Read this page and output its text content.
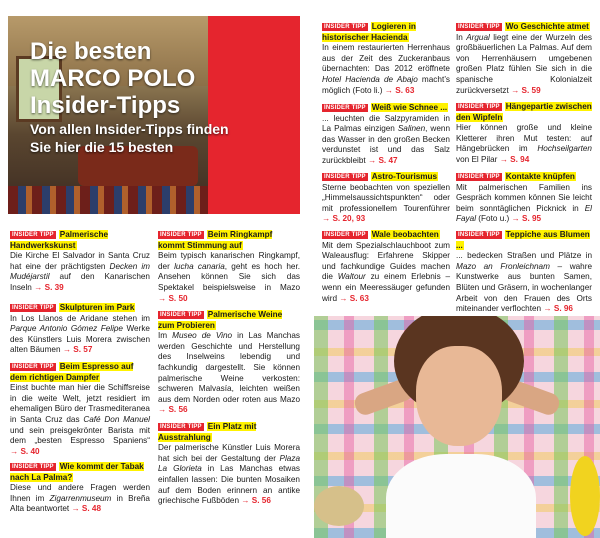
Die besten
MARCO POLO
Insider-Tipps

Von allen Insider-Tipps finden
Sie hier die 15 besten

INSIDER TIPP Palmerische Handwerkskunst
Die Kirche El Salvador in Santa Cruz hat eine der prächtigsten Decken im Mudéjarstil auf den Kanarischen Inseln → S. 39
INSIDER TIPP Skulpturen im Park
In Los Llanos de Aridane stehen im Parque Antonio Gómez Felipe Werke des Künstlers Luis Morera zwischen alten Bäumen → S. 57
INSIDER TIPP Beim Espresso auf dem richtigen Dampfer
Einst buchte man hier die Schiffsreise in die weite Welt, jetzt residiert im ehemaligen Büro der Trasmediteranea in Santa Cruz das Café Don Manuel und sein preisgekrönter Barista mit dem „besten Espresso Spaniens“ → S. 40
INSIDER TIPP Wie kommt der Tabak nach La Palma?
Diese und andere Fragen werden Ihnen im Zigarrenmuseum in Breña Alta beantwortet → S. 48
INSIDER TIPP Beim Ringkampf kommt Stimmung auf
Beim typisch kanarischen Ringkampf, der lucha canaria, geht es hoch her. Ansehen können Sie sich das Spektakel beispielsweise in Mazo → S. 50
INSIDER TIPP Palmerische Weine zum Probieren
Im Museo de Vino in Las Manchas werden Geschichte und Herstellung des Inselweins lebendig und fachkundig dargestellt. Sie können palmerische Weine verkosten: schweren Malvasía, leichten weißen aus dem Norden oder roten aus Mazo → S. 56
INSIDER TIPP Ein Platz mit Ausstrahlung
Der palmerische Künstler Luis Morera hat sich bei der Gestaltung der Plaza La Glorieta in Las Manchas etwas einfallen lassen: Die bunten Mosaiken auf dem Boden erinnern an antike griechische Fußböden → S. 56
INSIDER TIPP Logieren in historischer Hacienda
In einem restaurierten Herrenhaus aus der Zeit des Zuckeranbaus übernachten: Das 2012 eröffnete Hotel Hacienda de Abajo macht’s möglich (Foto li.) → S. 63
INSIDER TIPP Weiß wie Schnee ...
... leuchten die Salzpyramiden in La Palmas einzigen Salinen, wenn das Wasser in den großen Becken verdunstet ist und das Salz zurückbleibt → S. 47
INSIDER TIPP Astro-Tourismus
Sterne beobachten von speziellen „Himmelsaussichtspunkten“ oder mit professionellem Tourenführer → S. 20, 93
INSIDER TIPP Wale beobachten
Mit dem Spezialschlauchboot zum Waleausflug: Erfahrene Skipper und fachkundige Guides machen die Waltour zu einem Erlebnis – wenn ein Meeressäuger gefunden wird → S. 63
INSIDER TIPP Wo Geschichte atmet
In Argual liegt eine der Wurzeln des großbäuerlichen La Palmas. Auf dem von Herrenhäusern umgebenen großen Platz fühlen Sie sich in die spanische Kolonialzeit zurückversetzt → S. 59
INSIDER TIPP Hängepartie zwischen den Wipfeln
Hier können große und kleine Kletterer ihren Mut testen: auf Hängebrücken im Hochseilgarten von El Pilar → S. 94
INSIDER TIPP Kontakte knüpfen
Mit palmerischen Familien ins Gespräch kommen können Sie leicht beim sonntäglichen Picknick in El Fayal (Foto u.) → S. 95
INSIDER TIPP Teppiche aus Blumen ...
... bedecken Straßen und Plätze in Mazo an Fronleichnam – wahre Kunstwerke aus bunten Samen, Blüten und Gräsern, in wochenlanger Arbeit von den Frauen des Orts miteinander verflochten → S. 96
